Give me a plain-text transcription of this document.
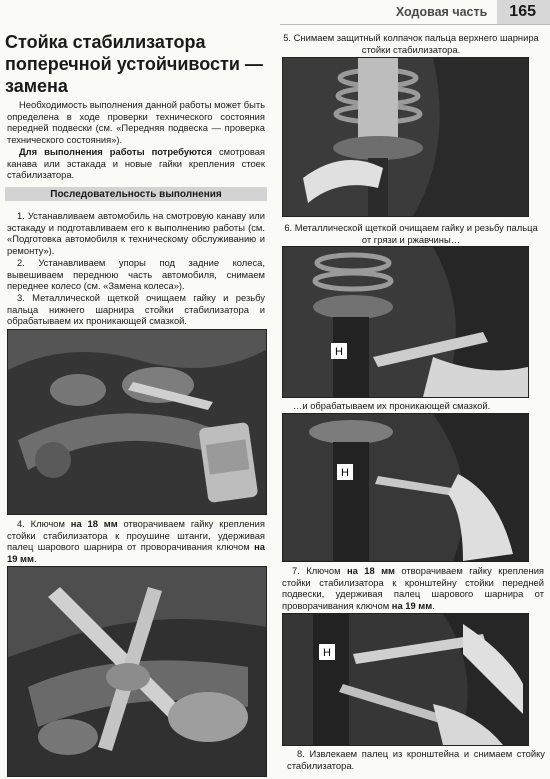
Ходовая часть	165
Стойка стабилизатора
поперечной устойчивости —
замена

Необходимость выполнения данной работы может быть определена в ходе проверки технического состояния передней подвески (см. «Передняя подвеска — проверка технического состояния»).

Для выполнения работы потребуются смотровая канава или эстакада и новые гайки крепления стоек стабилизатора.

Последовательность выполнения

1. Устанавливаем автомобиль на смотровую канаву или эстакаду и подготавливаем его к выполнению работы (см. «Подготовка автомобиля к техническому обслуживанию и ремонту»).

2. Устанавливаем упоры под задние колеса, вывешиваем переднюю часть автомобиля, снимаем переднее колесо (см. «Замена колеса»).

3. Металлической щеткой очищаем гайку и резьбу пальца нижнего шарнира стойки стабилизатора и обрабатываем их проникающей смазкой.

4. Ключом на 18 мм отворачиваем гайку крепления стойки стабилизатора к проушине штанги, удерживая палец шарового шарнира от проворачивания ключом на 19 мм.

5. Снимаем защитный колпачок пальца верхнего шарнира стойки стабилизатора.

6. Металлической щеткой очищаем гайку и резьбу пальца от грязи и ржавчины…

H

…и обрабатываем их проникающей смазкой.

H

7. Ключом на 18 мм отворачиваем гайку крепления стойки стабилизатора к кронштейну стойки передней подвески, удерживая палец шарового шарнира от проворачивания ключом на 19 мм.

H

8. Извлекаем палец из кронштейна и снимаем стойку стабилизатора.
